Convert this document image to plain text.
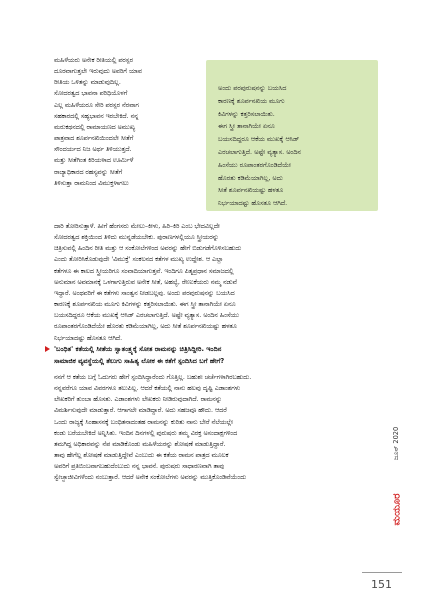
ಮಹಿಳೆಯರು ಅನೇಕ ರೀತಿಯಲ್ಲಿ ಪರಸ್ಪರ
ದೂರವಾಗುತ್ತಲೇ ಇರುವುದು ಅವರಿಗೆ ಯಾವ
ರೀತಿಯ ಒಳಿತನ್ನು ಮಾಡುವುದಿಲ್ಲ.
ಸೋದರತ್ವದ ಭಾವನಾ ಪರಿಧಿಯೊಳಗೆ
ಎಲ್ಲ ಮಹಿಳೆಯರೂ ಸೇರಿ ಪರಸ್ಪರ ನೆರವಾಗ
ಸಹಕಾರದಲ್ಲಿ ಸಹ್ಯಭಾವನ ಇರಬೇಕಿದೆ. ನನ್ನ
ಮರುಕಥನದಲ್ಲಿ ರಾಮಾಯಣದ ಅಮುಖ್ಯ
ಪಾತ್ರವಾದ ಶೂರ್ಪನಖಿಯಿಂದಲೇ ಸೀತೆಗೆ
ಸೌಂದರ್ಯದ ನಿಜ ಅರ್ಥ ತಿಳಿಯುತ್ತದೆ.
ಮತ್ತು ಸೀತೆಗಿಂತ ಕಿರಿಯಳಾದ ಊರ್ಮಿಳೆ
ರಾಜ್ಯಾಧಿಕಾರದ ರಹಸ್ಯವನ್ನು ಸೀತೆಗೆ
ತಿಳಿಸುತ್ತಾ ರಾಮನಿಂದ ವಿಮುಕ್ತಳಾಗಲು
ಅಂದು ಪರಪುರುಷನನ್ನು ಬಯಸಿದ
ಕಾರಣಕ್ಕೆ ಶೂರ್ಪನಖಿಯ ಮೂಗು
ಕಿವಿಗಳನ್ನು ಕತ್ತರಿಸಲಾಯಿತು.
ಈಗ ಸ್ತ್ರೀ ತಾನಾಗಿಯೇ ಏನೂ
ಬಯಸದಿದ್ದರೂ ಆಕೆಯ ಮುಖಕ್ಕೆ ಆಸಿಡ್
ಎರಚಲಾಗುತ್ತಿದೆ. ಅಷ್ಟೇ ವ್ಯತ್ಯಾಸ. ಅಂದಿನ
ಹಿಂಸೆಯು ರೂಪಾಂತರಗೊಂಡಿದೆಯೇ
ಹೊರತು ಕಡಿಮೆಯಾಗಿಲ್ಲ, ಅದು
ಸೀತೆ ಶೂರ್ಪನಖಿಯಷ್ಟು ಹಳತೂ
ನಿರ್ಭಯಾದಷ್ಟು ಹೊಸತೂ ಆಗಿದೆ.
ದಾರಿ ತೋರಿಸುತ್ತಾಳೆ. ಹೀಗೆ ಹೆಂಗಸರು ಮೇಲು–ಕೀಳು, ಹಿರಿ–ಕಿರಿ ಎಂಬ ಭೇದವಿಲ್ಲದೇ
ಸೋದರತ್ವದ ಶಕ್ತಿಯಿಂದ ತಿಳಿದು ಮುನ್ನಡೆಯಬೇಕು. ಪುರಾಣಗಳಲ್ಲಿಯೂ ಸ್ತ್ರೀಯರನ್ನು
ಚಿತ್ರಿಸುವಲ್ಲಿ ಹಿಂದಿನ ರೀತಿ ಮತ್ತು ಆ ಸಂಕೋಲೆಗಳಿಂದ ಅವರನ್ನು ಹೇಗೆ ಬಿಡುಗಡೆಗೊಳಿಸಬಹುದು
ಎಂದು ತೋರಿಸಿಕೊಡುವುದೇ 'ವಿಮುಕ್ತೆ' ಸಂಕಲನದ ಕತೆಗಳ ಮುಖ್ಯ ಉದ್ದೇಶ. ಆ ಎಲ್ಲಾ
ಕತೆಗಳೂ ಈ ಕಾಲದ ಸ್ತ್ರೀಯರಿಗೂ ಸಂವಾದಿಯಾಗುತ್ತವೆ. ಇಂದಿಗೂ ಪಿತೃಪ್ರಧಾನ ಸಮಾಜದಲ್ಲಿ
ಅನುಮಾನ ಅವಮಾನಕ್ಕೆ ಒಳಗಾಗುತ್ತಿರುವ ಅನೇಕ ಸೀತೆ, ಅಹಲ್ಯೆ, ರೇಣುಕೆಯರು ನಮ್ಮ ನಡುವೆ
ಇದ್ದಾರೆ. ಅಂಥವರಿಗೆ ಈ ಕತೆಗಳು ಸಾಂತ್ವನ ನೀಡಬಲ್ಲವು. ಅಂದು ಪರಪುರುಷನನ್ನು ಬಯಸಿದ
ಕಾರಣಕ್ಕೆ ಶೂರ್ಪನಖಿಯ ಮೂಗು ಕಿವಿಗಳನ್ನು ಕತ್ತರಿಸಲಾಯಿತು. ಈಗ ಸ್ತ್ರೀ ತಾನಾಗಿಯೇ ಏನೂ
ಬಯಸದಿದ್ದರೂ ಆಕೆಯ ಮುಖಕ್ಕೆ ಆಸಿಡ್ ಎರಚಲಾಗುತ್ತಿದೆ. ಅಷ್ಟೇ ವ್ಯತ್ಯಾಸ. ಅಂದಿನ ಹಿಂಸೆಯು
ರೂಪಾಂತರಗೊಂಡಿದೆಯೇ ಹೊರತು ಕಡಿಮೆಯಾಗಿಲ್ಲ, ಅದು ಸೀತೆ ಶೂರ್ಪನಖಿಯಷ್ಟು ಹಳತೂ
ನಿರ್ಭಯಾದಷ್ಟು ಹೊಸತೂ ಆಗಿದೆ.
'ಬಂಧಿತ' ಕತೆಯಲ್ಲಿ ಸೀತೆಯ ಸ್ವಾತಂತ್ರ್ಯಕ್ಕೆ ಸೋತ ರಾಮನನ್ನು ಚಿತ್ರಿಸಿದ್ದೀರಿ. ಇಂದಿನ
ಸಾಮಾಜಿಕ ವ್ಯವಸ್ಥೆಯಲ್ಲಿ ತೆಲುಗು ಸಾಹಿತ್ಯ ಲೋಕ ಈ ಕತೆಗೆ ಸ್ಪಂದಿಸಿದ ಬಗೆ ಹೇಗೆ?
ನನಗೆ ಆ ಕತೆಯ ಬಗ್ಗೆ ಓದುಗರು ಹೇಗೆ ಸ್ಪಂದಿಸಿದ್ದಾರೆಂದು ಗೊತ್ತಿಲ್ಲ. ಬಹುಶಃ ಚರ್ಚೆಗಳಾಗಿರಬಹುದು.
ನನ್ನವರೆಗೂ ಯಾವ ವಿವರಗಳೂ ತಲುಪಿಲ್ಲ. ಆದರೆ ಕತೆಯಲ್ಲಿ ನಾನು ಹಲವು ದೃಷ್ಟಿ ಎಡಾಂಶಗಳು
ಲೇಖಕರಿಗೆ ತುಂಬಾ ಹೊಸತು. ಎಡಾಂಶಗಳು ಲೇಖಕರು ನೀಡಿರುವುದಾಗಿದೆ. ರಾಮನನ್ನು
ವಿಮರ್ಶಿಸುವುದೇ ಮಾಡುತ್ತಾರೆ. ಆಗಾಗಲೇ ಮಾಡಿದ್ದಾರೆ. ಅದು ಸಹಜವೂ ಹೌದು. ಆದರೆ
ಒಂದು ರಾಜ್ಯಕ್ಕೆ ಸಿಂಹಾಸನಕ್ಕೆ ಬಂಧಿತನಾದಂತಹ ರಾಮನನ್ನು ಕುರಿತು ನಾನು ಬೇರೆ ನೆಲೆಯಲ್ಲೇ
ಕಂಡು ಬರೆಯಬೇಕಿದೆ ಅನ್ನಿಸಿತು. ಇಂದಿನ ದಿನಗಳಲ್ಲಿ ಪುರುಷರು ತಮ್ಮ ವಿರಕ್ತ ಅಸಂದಾಕ್ಷಗಳಿಂದ
ತಮಗಿದ್ದ ಅಧಿಕಾರವನ್ನು ನೆಪ ಮಾಡಿಕೊಂಡು ಮಹಿಳೆಯರನ್ನು ಶೋಷಣೆ ಮಾಡುತ್ತಿದ್ದಾರೆ.
ತಾವು ಹೇಗೆಲ್ಲ ಶೋಷಣೆ ಮಾಡುತ್ತಿದ್ದೇವೆ ಎಂಬುದು ಈ ಕತೆಯ ರಾಮನ ಪಾತ್ರದ ಮೂಲಕ
ಅವರಿಗೆ ಪ್ರತಿಬಿಂಬವಾಗಬಹುದೆಂಬುದು ನನ್ನ ಭಾವನೆ. ಪುರುಷರು ಸಾಧಾರಣವಾಗಿ ತಾವು
ಸ್ವೇಚ್ಛಾಜೀವಿಗಳೆಂದು ನಂಬುತ್ತಾರೆ. ಆದರೆ ಅನೇಕ ಸಂಕೋಲೆಗಳು ಅವರನ್ನು ಮುತ್ತಿಕೊಂಡಿವೆಯೆಂದು
ಜೂನ್ 2020
ಮಯೂರ
151
